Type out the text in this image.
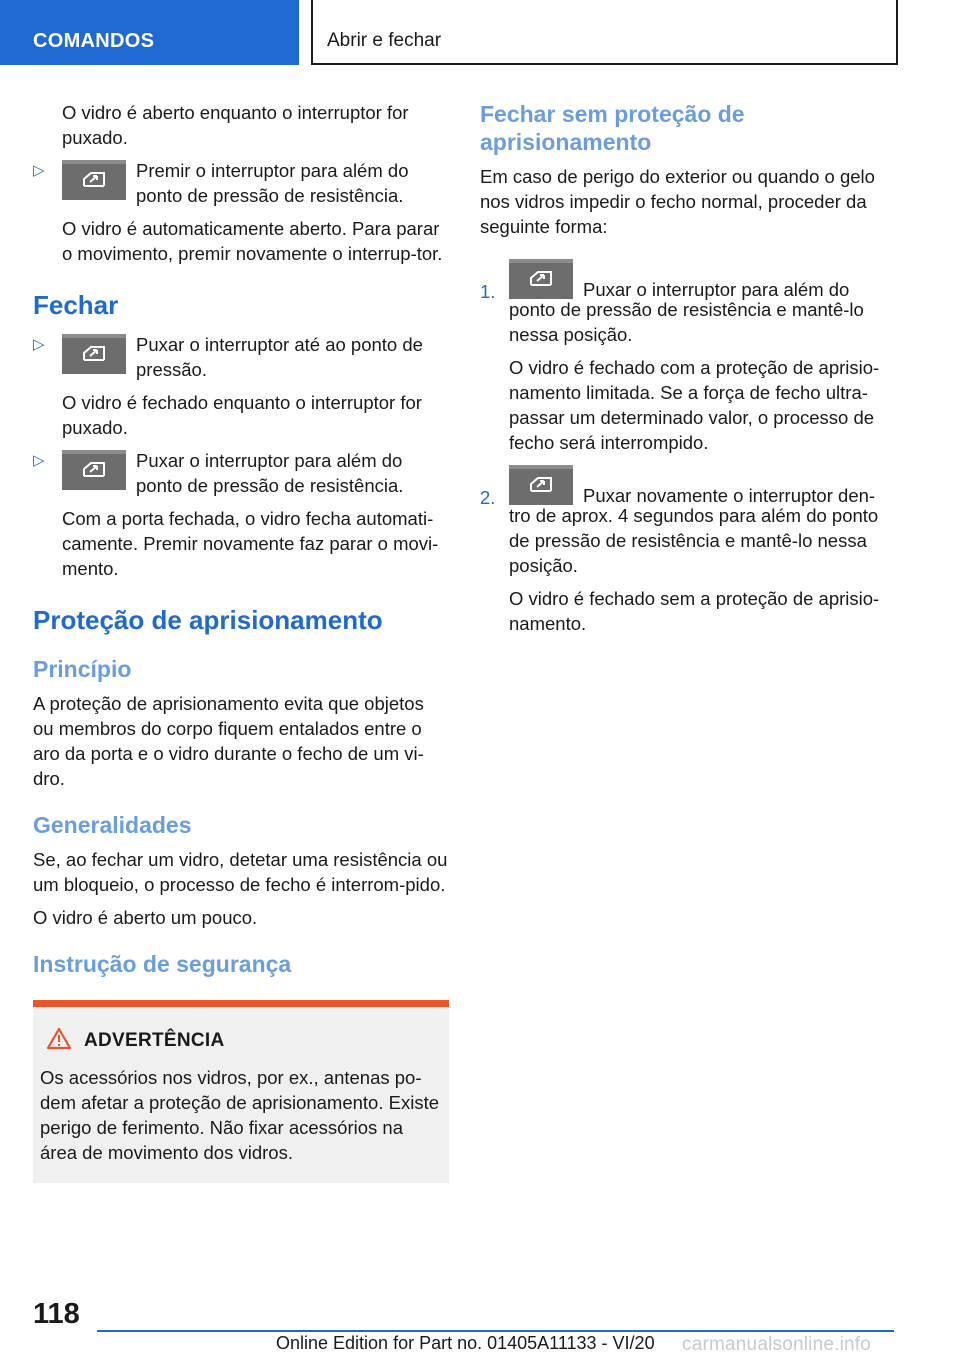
COMANDOS	Abrir e fechar

O vidro é aberto enquanto o interruptor for puxado.

▷	Premir o interruptor para além do ponto de pressão de resistência.

O vidro é automaticamente aberto. Para parar o movimento, premir novamente o interrup‐tor.

Fechar
▷	Puxar o interruptor até ao ponto de pressão.

O vidro é fechado enquanto o interruptor for puxado.

▷	Puxar o interruptor para além do ponto de pressão de resistência.

Com a porta fechada, o vidro fecha automati‐camente. Premir novamente faz parar o movi‐mento.

Proteção de aprisionamento
Princípio

A proteção de aprisionamento evita que objetos ou membros do corpo fiquem entalados entre o aro da porta e o vidro durante o fecho de um vi‐dro.

Generalidades

Se, ao fechar um vidro, detetar uma resistência ou um bloqueio, o processo de fecho é interrom‐pido.

O vidro é aberto um pouco.

Instrução de segurança
ADVERTÊNCIA

Os acessórios nos vidros, por ex., antenas po‐dem afetar a proteção de aprisionamento. Existe perigo de ferimento. Não fixar acessórios na área de movimento dos vidros.

Fechar sem proteção de aprisionamento

Em caso de perigo do exterior ou quando o gelo nos vidros impedir o fecho normal, proceder da seguinte forma:

1.	Puxar o interruptor para além do

ponto de pressão de resistência e mantê-lo nessa posição.

O vidro é fechado com a proteção de aprisio‐namento limitada. Se a força de fecho ultra‐passar um determinado valor, o processo de fecho será interrompido.

2.	Puxar novamente o interruptor den‐

tro de aprox. 4 segundos para além do ponto de pressão de resistência e mantê-lo nessa posição.

O vidro é fechado sem a proteção de aprisio‐namento.

118
Online Edition for Part no. 01405A11133 - VI/20 carmanualsonline.info
